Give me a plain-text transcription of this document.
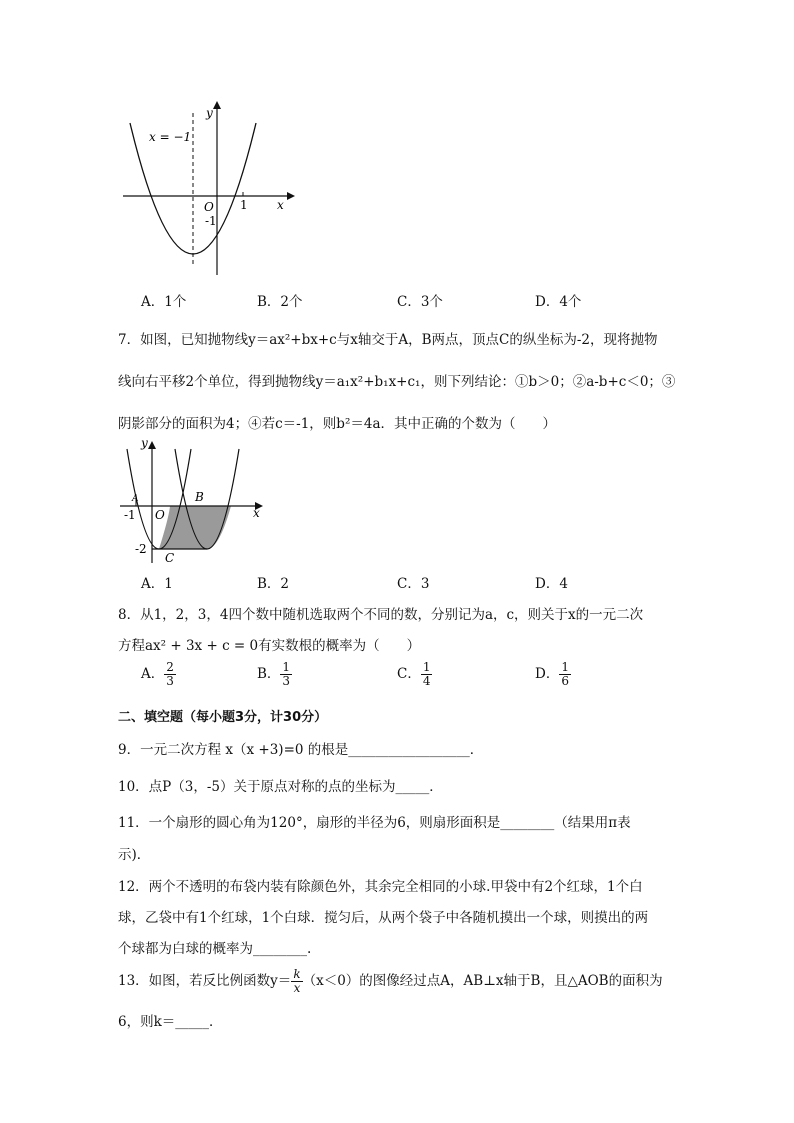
x = −1
y
x
O 1
-1
A．1个	B．2个	C．3个	D．4个
7．如图，已知抛物线y＝ax²+bx+c与x轴交于A，B两点，顶点C的纵坐标为-2，现将抛物
线向右平移2个单位，得到抛物线y＝a₁x²+b₁x+c₁，则下列结论：①b＞0；②a-b+c＜0；③
阴影部分的面积为4；④若c＝-1，则b²＝4a．其中正确的个数为（　　）
y
x
A	B
C
O
-1
-2
A．1	B．2	C．3	D．4
8．从1，2，3，4四个数中随机选取两个不同的数，分别记为a，c，则关于x的一元二次
方程ax² + 3x + c = 0有实数根的概率为（　　）
A． $\frac{2}{3}$	B． $\frac{1}{3}$	C． $\frac{1}{4}$	D． $\frac{1}{6}$
二、填空题（每小题3分，计30分）
9．一元二次方程 x（x +3)=0 的根是__________________．
10．点P（3，-5）关于原点对称的点的坐标为_____．
11．一个扇形的圆心角为120°，扇形的半径为6，则扇形面积是________（结果用π表
示)．
12．两个不透明的布袋内装有除颜色外，其余完全相同的小球.甲袋中有2个红球，1个白
球，乙袋中有1个红球，1个白球．搅匀后，从两个袋子中各随机摸出一个球，则摸出的两
个球都为白球的概率为________.
13．如图，若反比例函数$y= \frac{k}{x} (x<0)$的图像经过点A，AB⊥x轴于B，且△AOB的面积为
6，则k＝_____．
